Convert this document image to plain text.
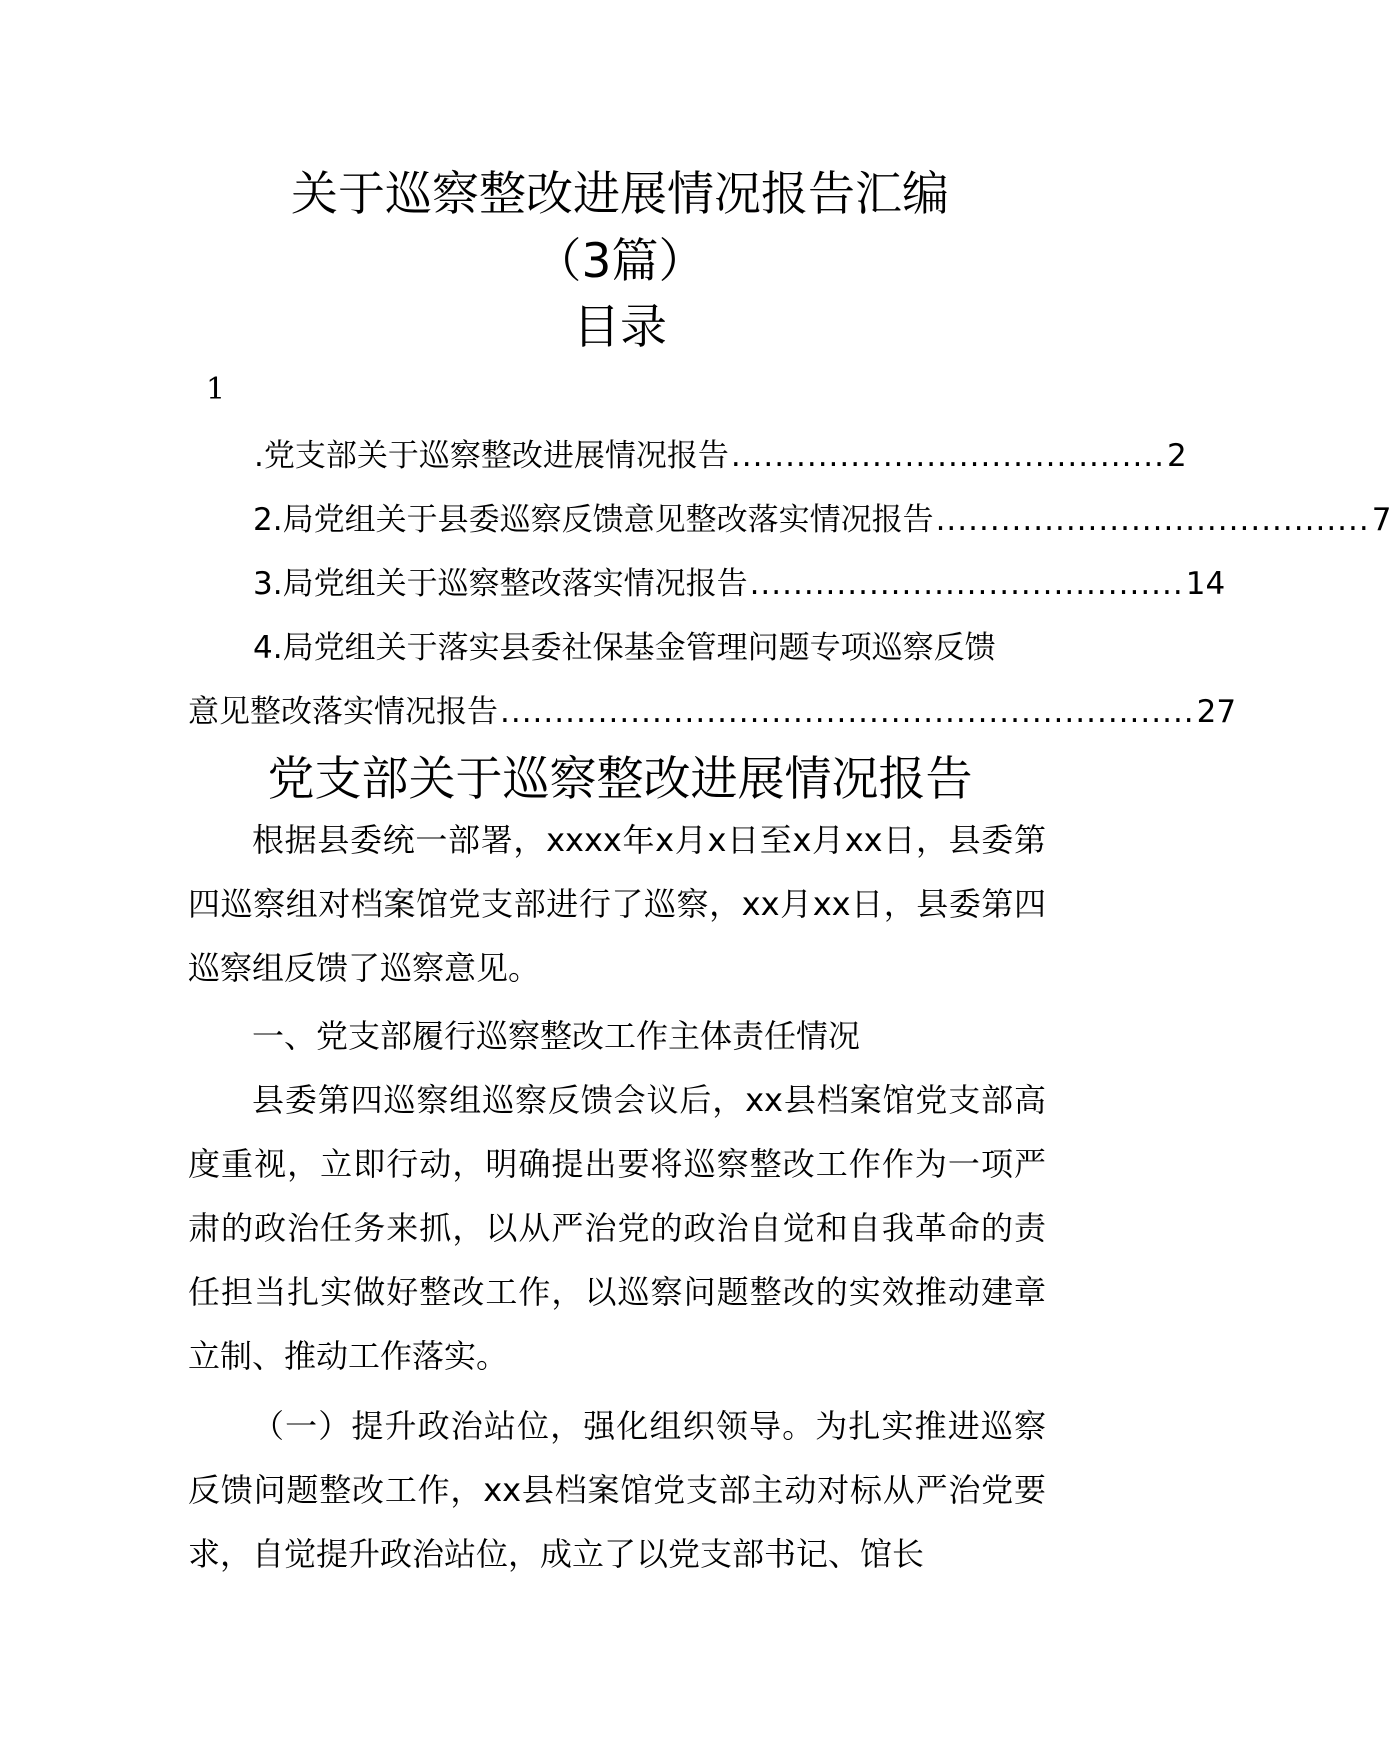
关于巡察整改进展情况报告汇编
（3篇）
目录
1
.党支部关于巡察整改进展情况报告 ........................................ 2
2.局党组关于县委巡察反馈意见整改落实情况报告 ........................................ 7
3.局党组关于巡察整改落实情况报告 ........................................ 14
4.局党组关于落实县委社保基金管理问题专项巡察反馈
意见整改落实情况报告 ................................................................ 27
党支部关于巡察整改进展情况报告
根据县委统一部署，xxxx年x月x日至x月xx日，县委第四巡察组对档案馆党支部进行了巡察，xx月xx日，县委第四巡察组反馈了巡察意见。
一、党支部履行巡察整改工作主体责任情况
县委第四巡察组巡察反馈会议后，xx县档案馆党支部高度重视，立即行动，明确提出要将巡察整改工作作为一项严肃的政治任务来抓，以从严治党的政治自觉和自我革命的责任担当扎实做好整改工作，以巡察问题整改的实效推动建章立制、推动工作落实。
（一）提升政治站位，强化组织领导。为扎实推进巡察反馈问题整改工作，xx县档案馆党支部主动对标从严治党要求，自觉提升政治站位，成立了以党支部书记、馆长
